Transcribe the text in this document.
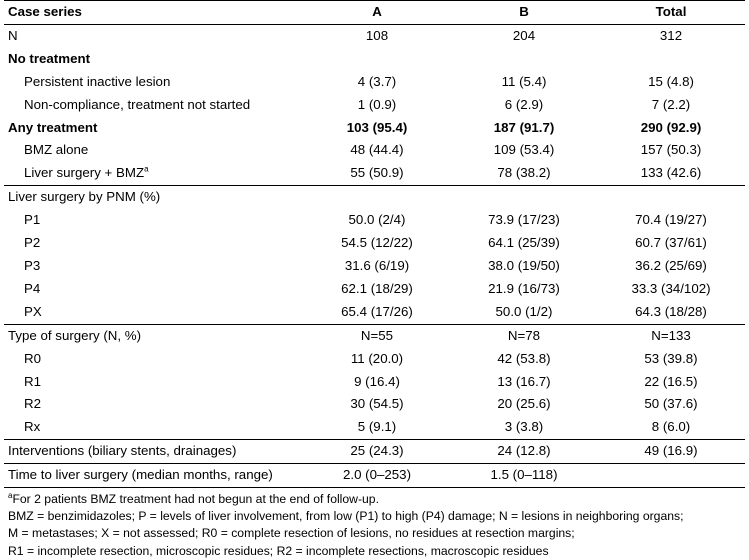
Case series	A	B	Total
N	108	204	312
No treatment			
Persistent inactive lesion	4 (3.7)	11 (5.4)	15 (4.8)
Non-compliance, treatment not started	1 (0.9)	6 (2.9)	7 (2.2)
Any treatment	103 (95.4)	187 (91.7)	290 (92.9)
BMZ alone	48 (44.4)	109 (53.4)	157 (50.3)
Liver surgery + $BMZ^a$	55 (50.9)	78 (38.2)	133 (42.6)
Liver surgery by PNM (%)			
P1	50.0 (2/4)	73.9 (17/23)	70.4 (19/27)
P2	54.5 (12/22)	64.1 (25/39)	60.7 (37/61)
P3	31.6 (6/19)	38.0 (19/50)	36.2 (25/69)
P4	62.1 (18/29)	21.9 (16/73)	33.3 (34/102)
PX	65.4 (17/26)	50.0 (1/2)	64.3 (18/28)
Type of surgery (N, %)	N=55	N=78	N=133
R0	11 (20.0)	42 (53.8)	53 (39.8)
R1	9 (16.4)	13 (16.7)	22 (16.5)
R2	30 (54.5)	20 (25.6)	50 (37.6)
Rx	5 (9.1)	3 (3.8)	8 (6.0)
Interventions (biliary stents, drainages)	25 (24.3)	24 (12.8)	49 (16.9)
Time to liver surgery (median months, range)	2.0 (0–253)	1.5 (0–118)	
$^a$For 2 patients BMZ treatment had not begun at the end of follow-up.
BMZ = benzimidazoles; P = levels of liver involvement, from low (P1) to high (P4) damage; N = lesions in neighboring organs;
M = metastases; X = not assessed; R0 = complete resection of lesions, no residues at resection margins;
R1 = incomplete resection, microscopic residues; R2 = incomplete resections, macroscopic residues
